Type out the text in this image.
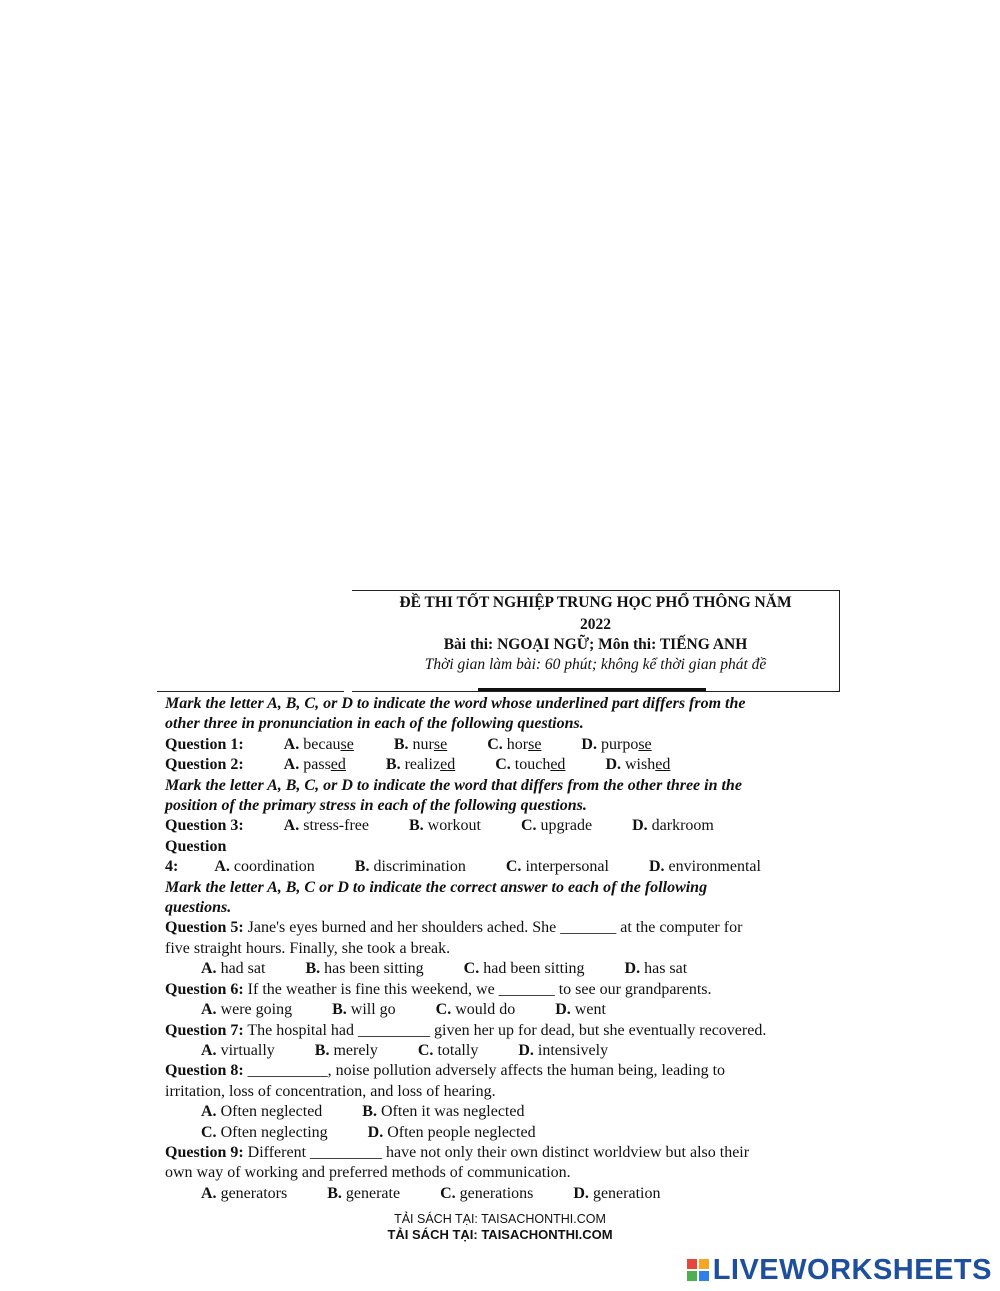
ĐỀ THI TỐT NGHIỆP TRUNG HỌC PHỔ THÔNG NĂM
2022
Bài thi: NGOẠI NGỮ; Môn thi: TIẾNG ANH
Thời gian làm bài: 60 phút; không kể thời gian phát đề
Mark the letter A, B, C, or D to indicate the word whose underlined part differs from the
other three in pronunciation in each of the following questions.
Question 1:	A. because	B. nurse	C. horse	D. purpose
Question 2:	A. passed	B. realized	C. touched	D. wished
Mark the letter A, B, C, or D to indicate the word that differs from the other three in the
position of the primary stress in each of the following questions.
Question 3:	A. stress-free	B. workout	C. upgrade	D. darkroom
Question
4: A. coordination	B. discrimination	C. interpersonal	D. environmental
Mark the letter A, B, C or D to indicate the correct answer to each of the following
questions.
Question 5: Jane's eyes burned and her shoulders ached. She _______ at the computer for
five straight hours. Finally, she took a break.
A. had sat	B. has been sitting	C. had been sitting	D. has sat
Question 6: If the weather is fine this weekend, we _______ to see our grandparents.
A. were going	B. will go	C. would do	D. went
Question 7: The hospital had _________ given her up for dead, but she eventually recovered.
A. virtually	B. merely	C. totally	D. intensively
Question 8: __________, noise pollution adversely affects the human being, leading to
irritation, loss of concentration, and loss of hearing.
A. Often neglected	B. Often it was neglected
C. Often neglecting	D. Often people neglected
Question 9: Different _________ have not only their own distinct worldview but also their
own way of working and preferred methods of communication.
A. generators	B. generate	C. generations	D. generation
TẢI SÁCH TẠI: TAISACHONTHI.COM
TẢI SÁCH TẠI: TAISACHONTHI.COM
LIVEWORKSHEETS
